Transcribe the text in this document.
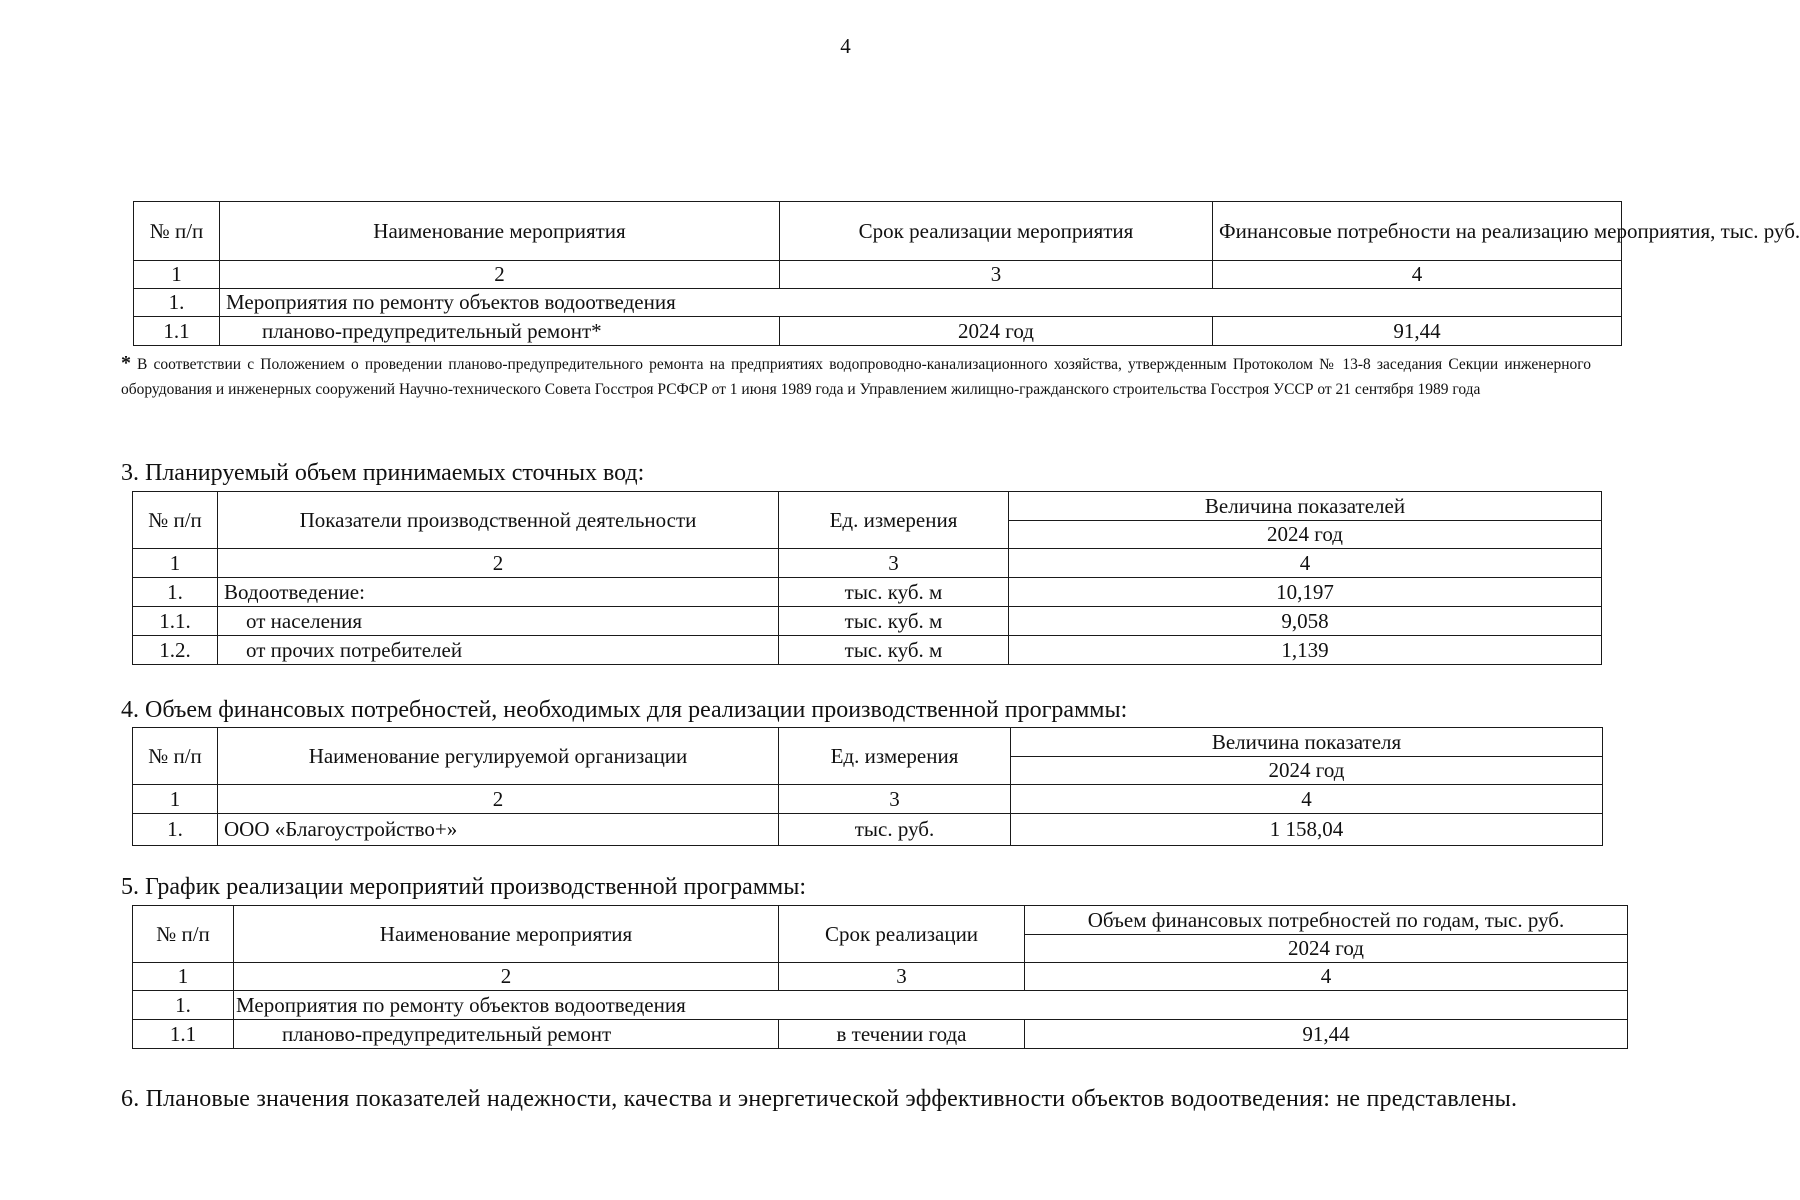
4
№ п/п	Наименование мероприятия	Срок реализации мероприятия	Финансовые потребности на реализацию мероприятия, тыс. руб.
1	2	3	4
1.	Мероприятия по ремонту объектов водоотведения		
1.1	планово-предупредительный ремонт*	2024 год	91,44
* В соответствии с Положением о проведении планово-предупредительного ремонта на предприятиях водопроводно-канализационного хозяйства, утвержденным Протоколом № 13-8 заседания Секции инженерного оборудования и инженерных сооружений Научно-технического Совета Госстроя РСФСР от 1 июня 1989 года и Управлением жилищно-гражданского строительства Госстроя УССР от 21 сентября 1989 года
3. Планируемый объем принимаемых сточных вод:
№ п/п	Показатели производственной деятельности	Ед. измерения	Величина показателей
			2024 год
1	2	3	4
1.	Водоотведение:	тыс. куб. м	10,197
1.1.	от населения	тыс. куб. м	9,058
1.2.	от прочих потребителей	тыс. куб. м	1,139
4. Объем финансовых потребностей, необходимых для реализации производственной программы:
№ п/п	Наименование регулируемой организации	Ед. измерения	Величина показателя
			2024 год
1	2	3	4
1.	ООО «Благоустройство+»	тыс. руб.	1 158,04
5. График реализации мероприятий производственной программы:
№ п/п	Наименование мероприятия	Срок реализации	Объем финансовых потребностей по годам, тыс. руб.
			2024 год
1	2	3	4
1.	Мероприятия по ремонту объектов водоотведения		
1.1	планово-предупредительный ремонт	в течении года	91,44
6. Плановые значения показателей надежности, качества и энергетической эффективности объектов водоотведения: не представлены.
